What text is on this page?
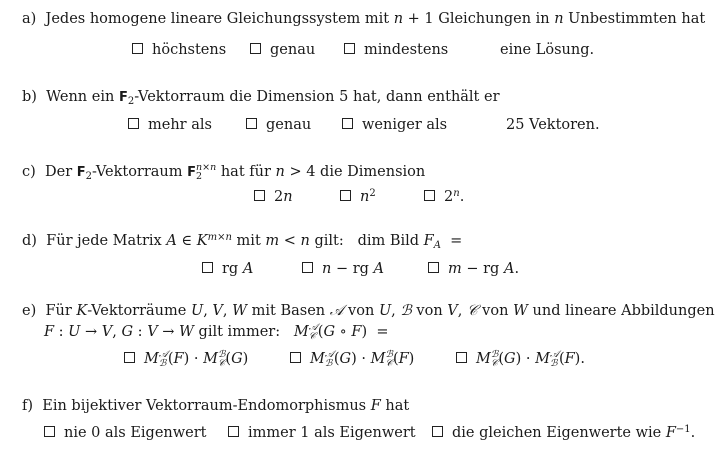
a)  Jedes homogene lineare Gleichungssystem mit n + 1 Gleichungen in n Unbestimmten hat
höchstens	genau	mindestens	eine Lösung.
b)  Wenn ein $F_2$-Vektorraum die Dimension 5 hat, dann enthält er
mehr als	genau	weniger als	25 Vektoren.
c)  Der $F_2$-Vektorraum F n×n
2 hat für n > 4 die Dimension
2n	$n^2$	2$^n$.
d)  Für jede Matrix A ∈ $K^{m\times n}$ mit m < n gilt:   dim Bild $F_A$  =
rg A	n − rg A	m − rg A.
e)  Für K-Vektorräume U, V, W mit Basen 𝒜 von U, ℬ von V, 𝒞 von W und lineare Abbildungen
F : U → V, G : V → W gilt immer:   M 𝒜
𝒞 (G ∘ F)  =
M 𝒜
ℬ (F) · M ℬ
𝒞 (G)	M 𝒜
ℬ (G) · M ℬ
𝒞 (F)	M ℬ
𝒞 (G) · M 𝒜
ℬ (F).
f)  Ein bijektiver Vektorraum-Endomorphismus F hat
nie 0 als Eigenwert	immer 1 als Eigenwert	die gleichen Eigenwerte wie $F^{-1}$.
